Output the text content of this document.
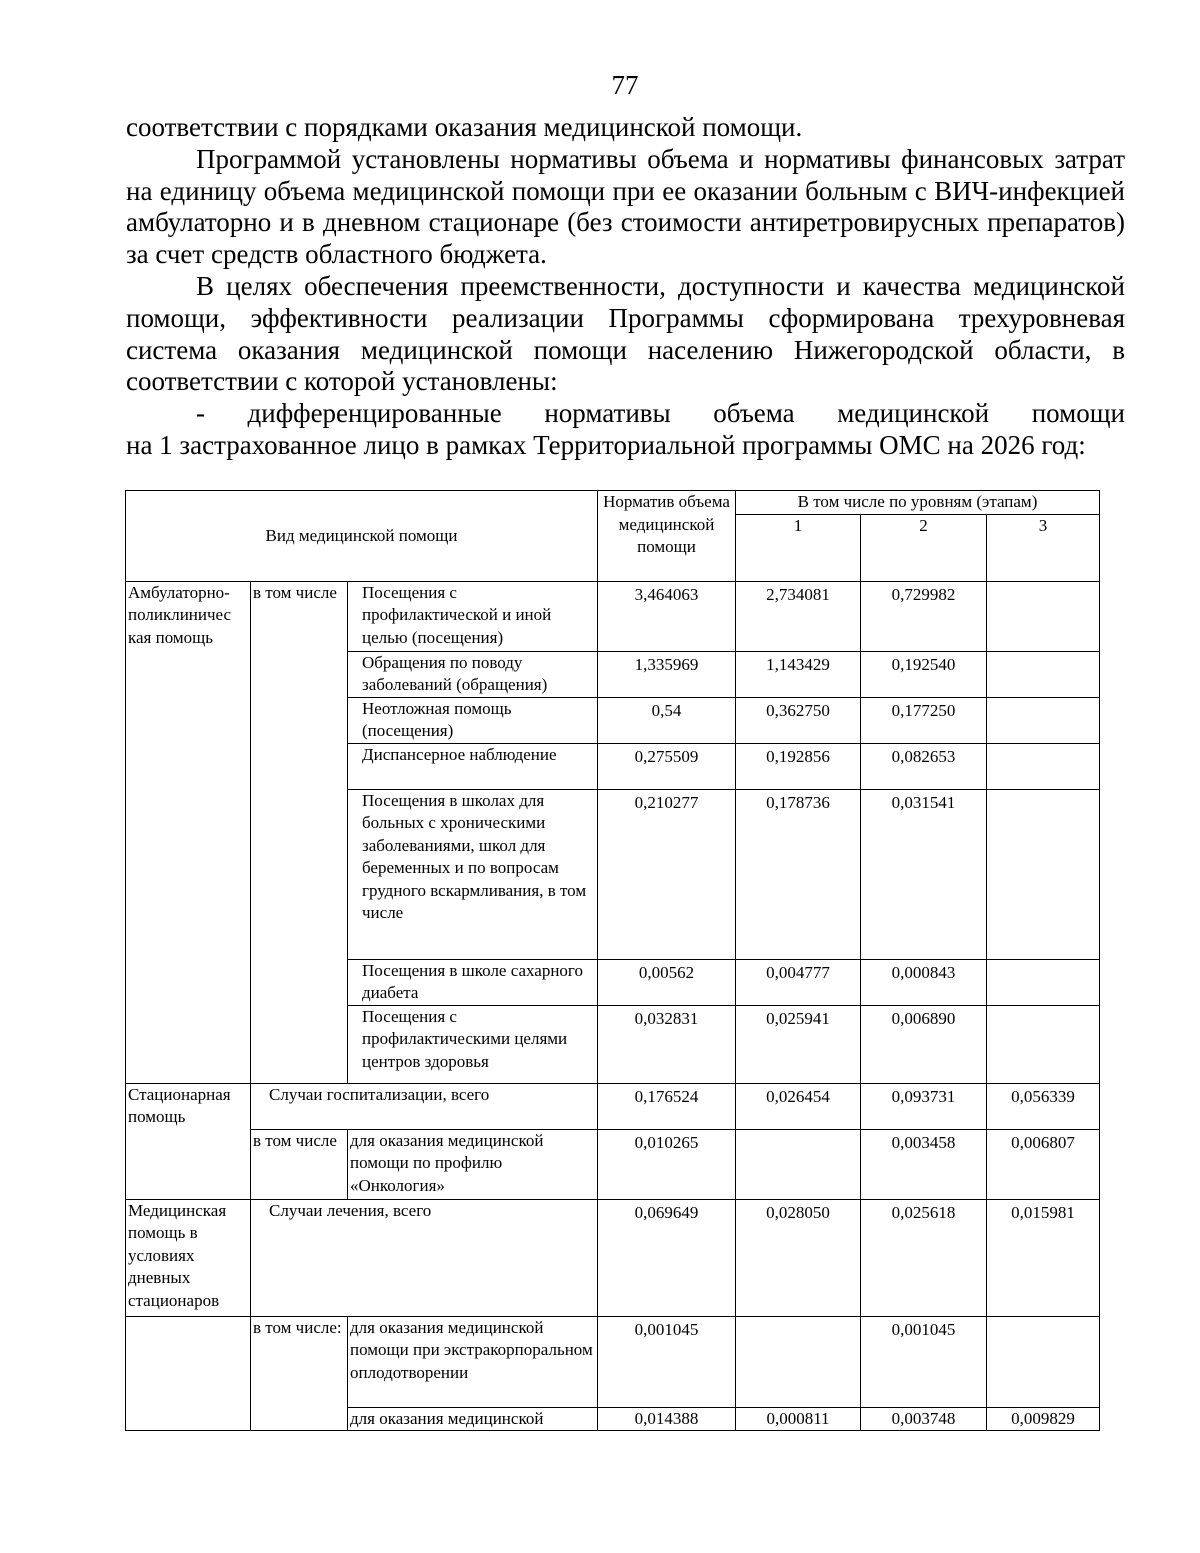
77

соответствии с порядками оказания медицинской помощи.

Программой установлены нормативы объема и нормативы финансовых затрат на единицу объема медицинской помощи при ее оказании больным с ВИЧ-инфекцией амбулаторно и в дневном стационаре (без стоимости антиретровирусных препаратов) за счет средств областного бюджета.

В целях обеспечения преемственности, доступности и качества медицинской помощи, эффективности реализации Программы сформирована трехуровневая система оказания медицинской помощи населению Нижегородской области, в соответствии с которой установлены:

- дифференцированные нормативы объема медицинской помощи

на 1 застрахованное лицо в рамках Территориальной программы ОМС на 2026 год:

Вид медицинской помощи			Норматив объема медицинской помощи	В том числе по уровням (этапам)		
				1	2	3
Амбулаторно-поликлиничес кая помощь	в том числе	Посещения с профилактической и иной целью (посещения)	3,464063	2,734081	0,729982	
		Обращения по поводу заболеваний (обращения)	1,335969	1,143429	0,192540	
		Неотложная помощь (посещения)	0,54	0,362750	0,177250	
		Диспансерное наблюдение	0,275509	0,192856	0,082653	
		Посещения в школах для больных с хроническими заболеваниями, школ для беременных и по вопросам грудного вскармливания, в том числе	0,210277	0,178736	0,031541	
		Посещения в школе сахарного диабета	0,00562	0,004777	0,000843	
		Посещения с профилактическими целями центров здоровья	0,032831	0,025941	0,006890	
Стационарная помощь	Случаи госпитализации, всего		0,176524	0,026454	0,093731	0,056339
	в том числе	для оказания медицинской помощи по профилю «Онкология»	0,010265		0,003458	0,006807
Медицинская помощь в условиях дневных стационаров	Случаи лечения, всего		0,069649	0,028050	0,025618	0,015981
	в том числе:	для оказания медицинской помощи при экстракорпоральном оплодотворении	0,001045		0,001045	
		для оказания медицинской	0,014388	0,000811	0,003748	0,009829
